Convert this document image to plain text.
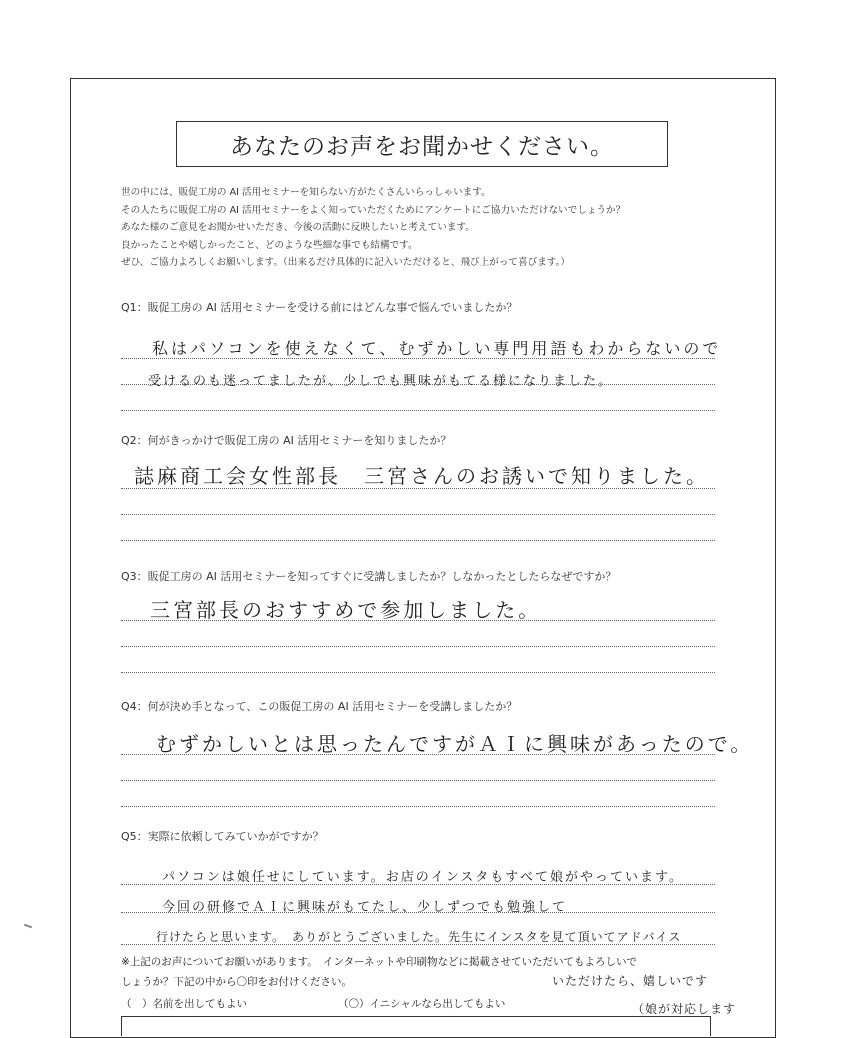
あなたのお声をお聞かせください。
世の中には、販促工房の AI 活用セミナーを知らない方がたくさんいらっしゃいます。
その人たちに販促工房の AI 活用セミナーをよく知っていただくためにアンケートにご協力いただけないでしょうか？
あなた様のご意見をお聞かせいただき、今後の活動に反映したいと考えています。
良かったことや嬉しかったこと、どのような些細な事でも結構です。
ぜひ、ご協力よろしくお願いします。（出来るだけ具体的に記入いただけると、飛び上がって喜びます。）
Q1：販促工房の AI 活用セミナーを受ける前にはどんな事で悩んでいましたか？
私はパソコンを使えなくて、むずかしい専門用語もわからないので
受けるのも迷ってましたが、少しでも興味がもてる様になりました。
Q2：何がきっかけで販促工房の AI 活用セミナーを知りましたか？
誌麻商工会女性部長　三宮さんのお誘いで知りました。
Q3：販促工房の AI 活用セミナーを知ってすぐに受講しましたか？しなかったとしたらなぜですか？
三宮部長のおすすめで参加しました。
Q4：何が決め手となって、この販促工房の AI 活用セミナーを受講しましたか？
むずかしいとは思ったんですがＡＩに興味があったので。
Q5：実際に依頼してみていかがですか？
パソコンは娘任せにしています。お店のインスタもすべて娘がやっています。
今回の研修でＡＩに興味がもてたし、少しずつでも勉強して
行けたらと思います。　ありがとうございました。先生にインスタを見て頂いてアドバイス
※上記のお声についてお願いがあります。　インターネットや印刷物などに掲載させていただいてもよろしいで
しょうか？下記の中から〇印をお付けください。	いただけたら、嬉しいです
（　）名前を出してもよい	（〇）イニシャルなら出してもよい	（娘が対応します
